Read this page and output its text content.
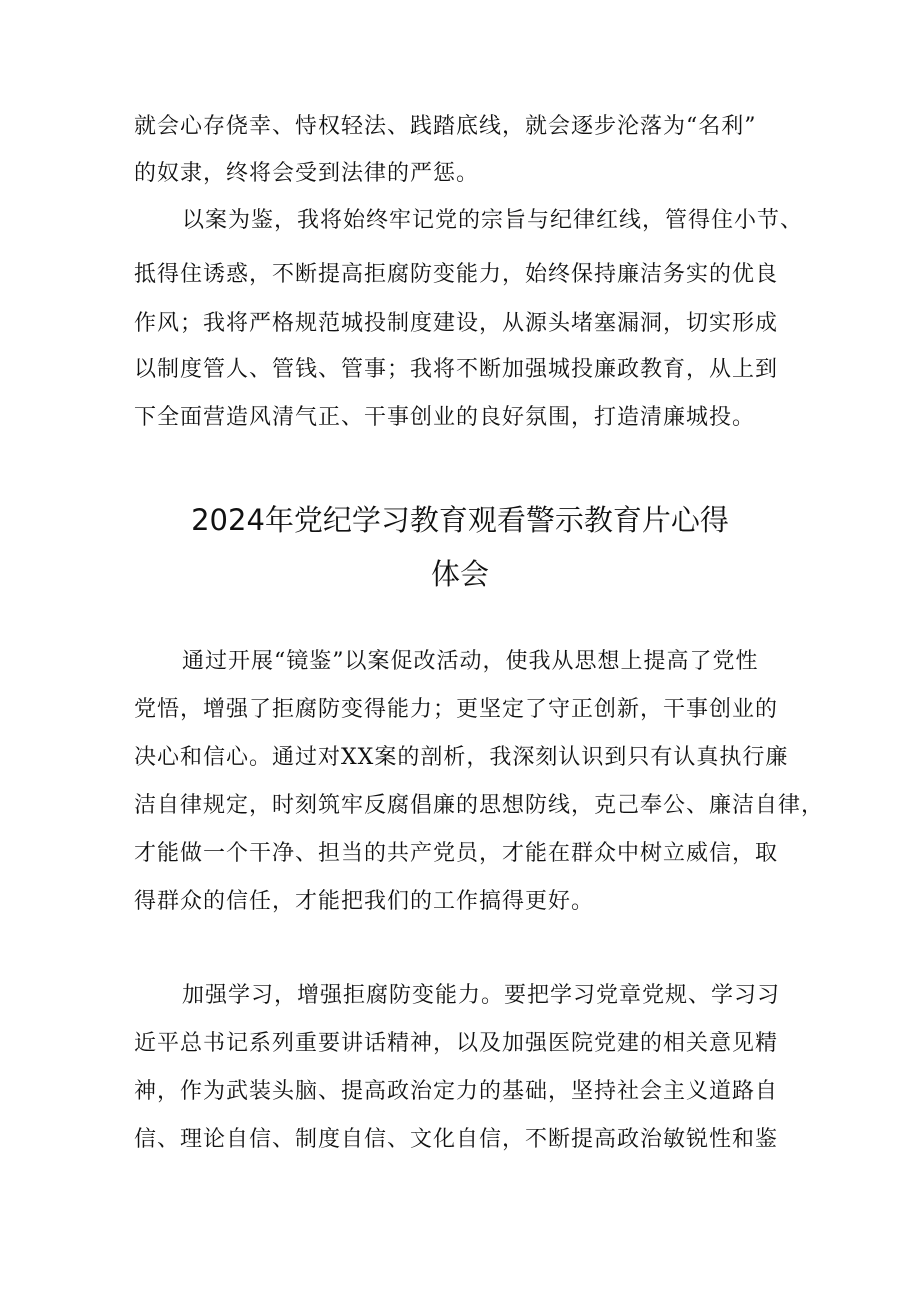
就会心存侥幸、恃权轻法、践踏底线，就会逐步沦落为“名利”
的奴隶，终将会受到法律的严惩。
以案为鉴，我将始终牢记党的宗旨与纪律红线，管得住小节、
抵得住诱惑，不断提高拒腐防变能力，始终保持廉洁务实的优良
作风；我将严格规范城投制度建设，从源头堵塞漏洞，切实形成
以制度管人、管钱、管事；我将不断加强城投廉政教育，从上到
下全面营造风清气正、干事创业的良好氛围，打造清廉城投。
2024年党纪学习教育观看警示教育片心得
体会
通过开展“镜鉴”以案促改活动，使我从思想上提高了党性
党悟，增强了拒腐防变得能力；更坚定了守正创新，干事创业的
决心和信心。通过对XX案的剖析，我深刻认识到只有认真执行廉
洁自律规定，时刻筑牢反腐倡廉的思想防线，克己奉公、廉洁自律，
才能做一个干净、担当的共产党员，才能在群众中树立威信，取
得群众的信任，才能把我们的工作搞得更好。
加强学习，增强拒腐防变能力。要把学习党章党规、学习习
近平总书记系列重要讲话精神，以及加强医院党建的相关意见精
神，作为武装头脑、提高政治定力的基础，坚持社会主义道路自
信、理论自信、制度自信、文化自信，不断提高政治敏锐性和鉴
